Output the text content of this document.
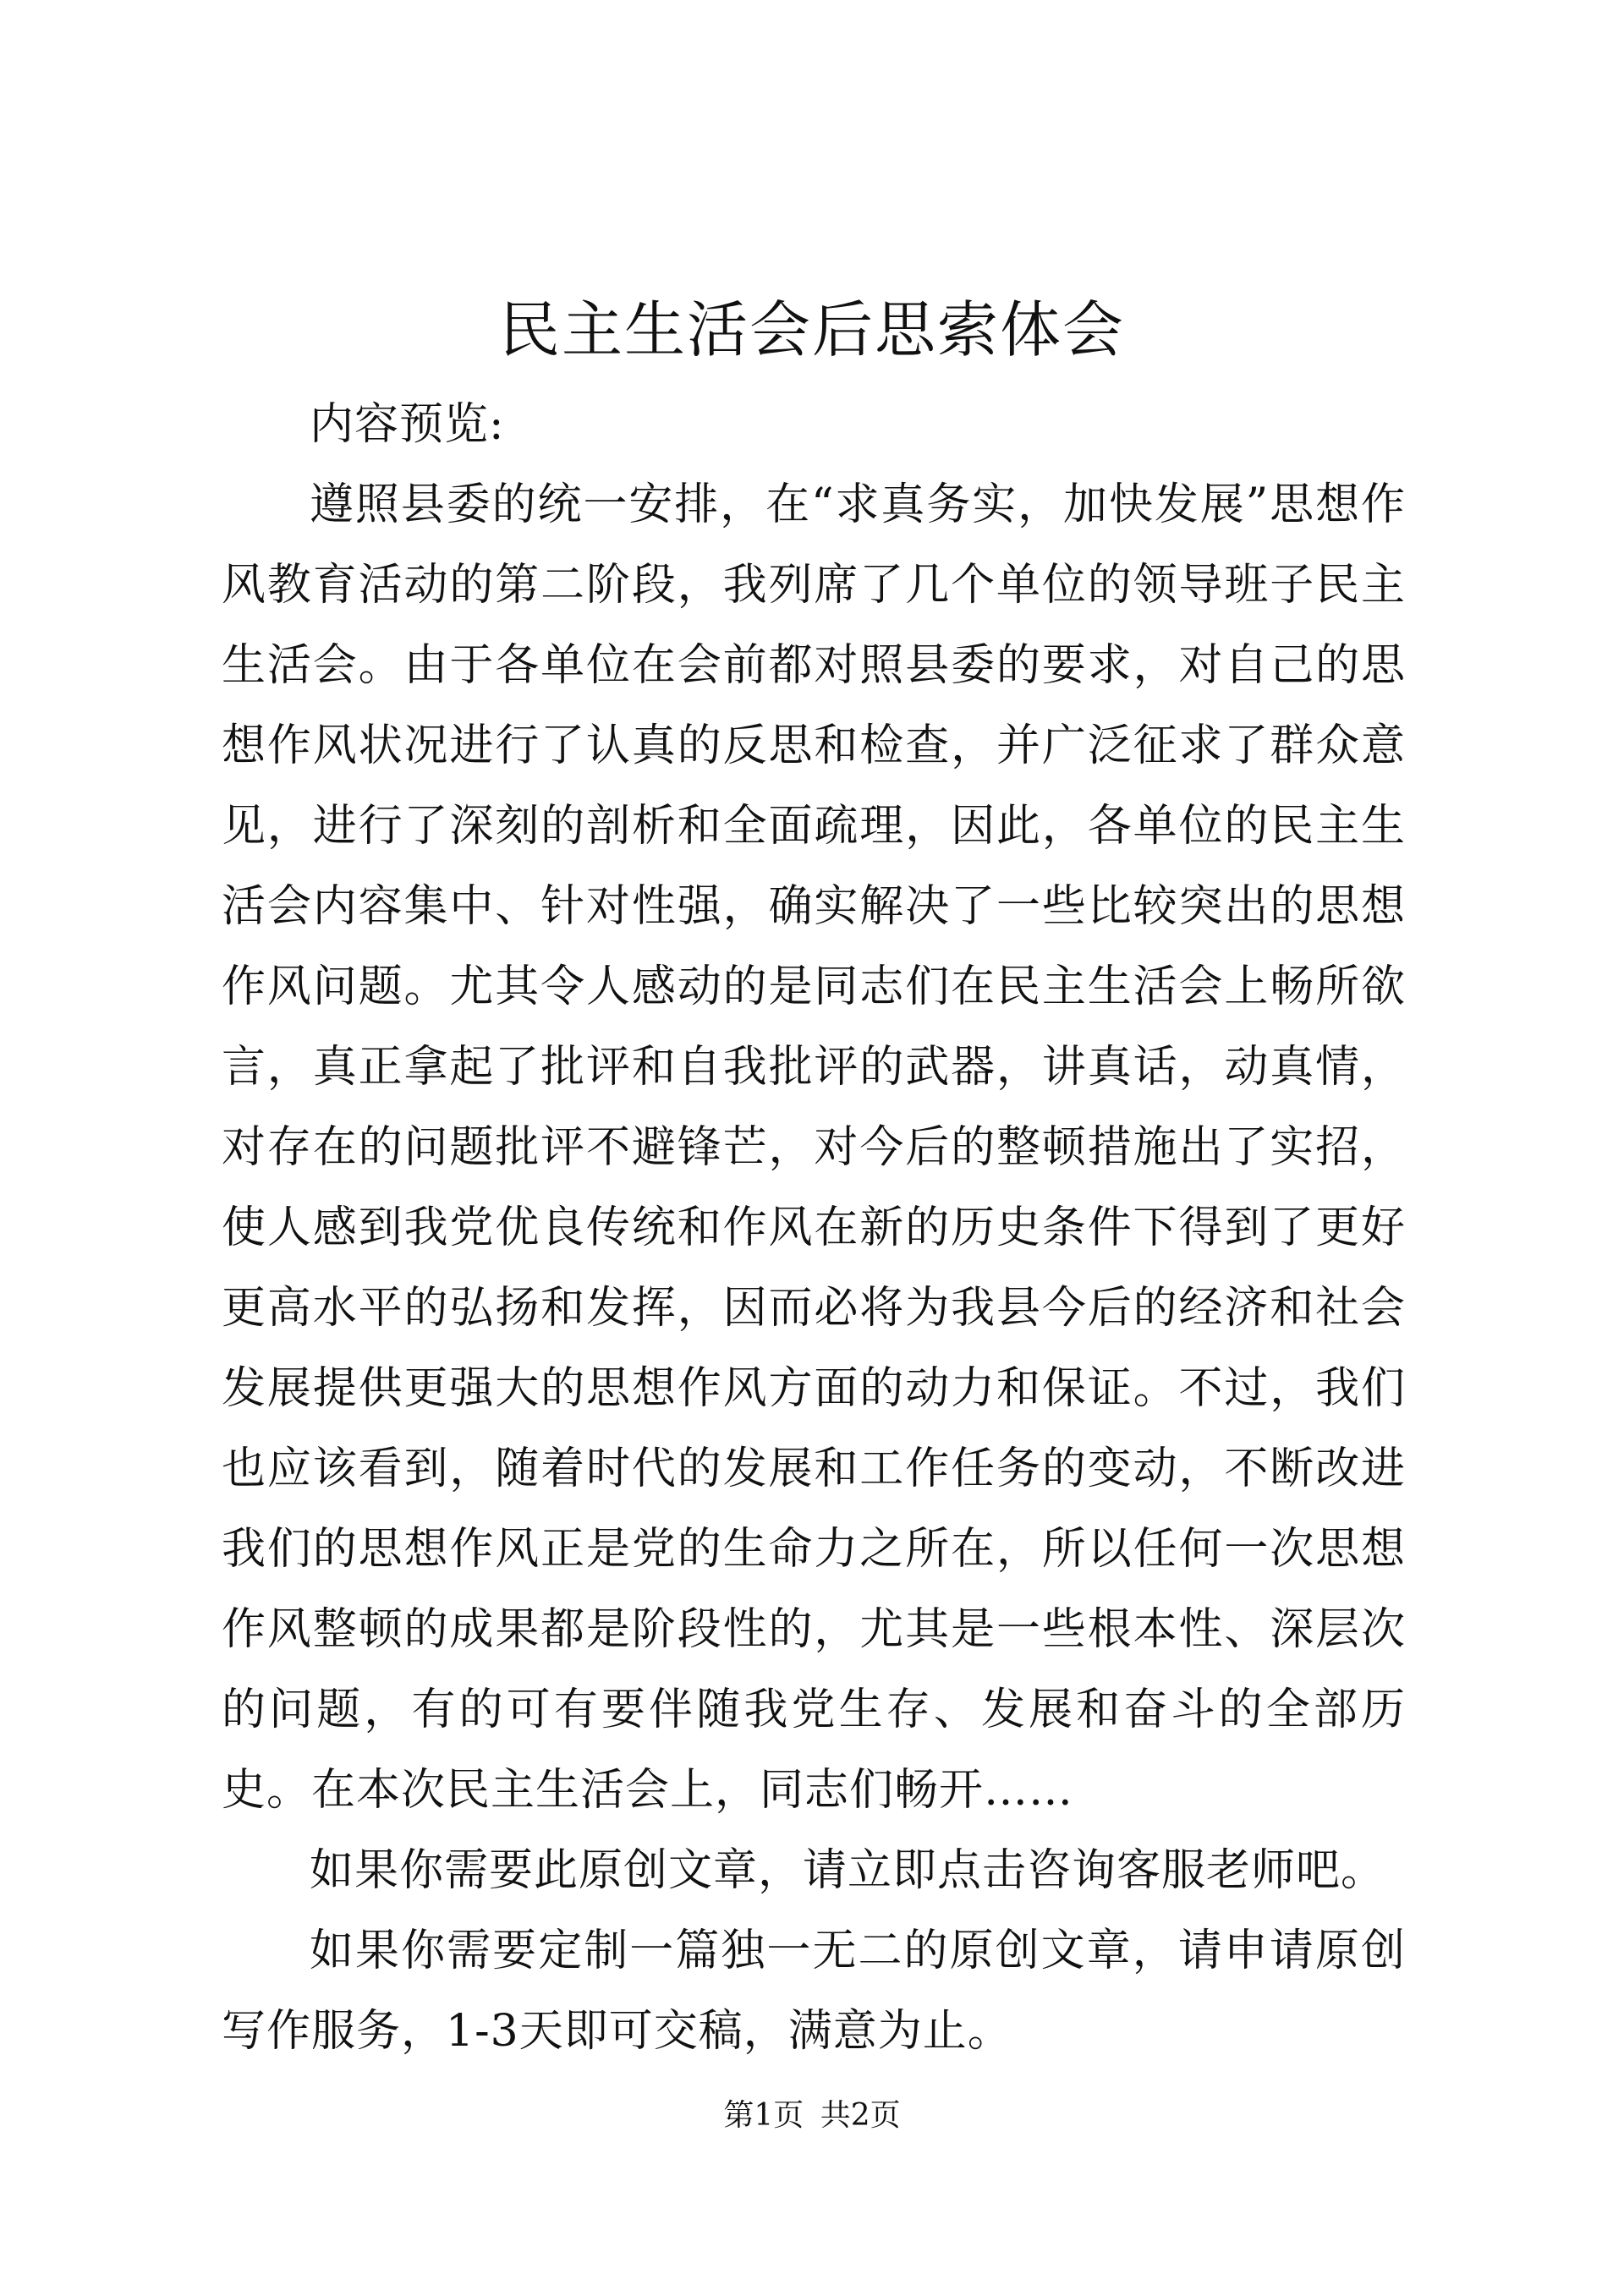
民主生活会后思索体会

内容预览:

遵照县委的统一安排，在“求真务实，加快发展”思想作风教育活动的第二阶段，我列席了几个单位的领导班子民主生活会。由于各单位在会前都对照县委的要求，对自己的思想作风状况进行了认真的反思和检查，并广泛征求了群众意见，进行了深刻的剖析和全面疏理，因此，各单位的民主生活会内容集中、针对性强，确实解决了一些比较突出的思想作风问题。尤其令人感动的是同志们在民主生活会上畅所欲言，真正拿起了批评和自我批评的武器，讲真话，动真情，对存在的问题批评不避锋芒，对今后的整顿措施出了实招，使人感到我党优良传统和作风在新的历史条件下得到了更好更高水平的弘扬和发挥，因而必将为我县今后的经济和社会发展提供更强大的思想作风方面的动力和保证。不过，我们也应该看到，随着时代的发展和工作任务的变动，不断改进我们的思想作风正是党的生命力之所在，所以任何一次思想作风整顿的成果都是阶段性的，尤其是一些根本性、深层次的问题，有的可有要伴随我党生存、发展和奋斗的全部历史。在本次民主生活会上，同志们畅开……

如果你需要此原创文章，请立即点击咨询客服老师吧。

如果你需要定制一篇独一无二的原创文章，请申请原创写作服务，1-3天即可交稿，满意为止。

第1页 共2页
